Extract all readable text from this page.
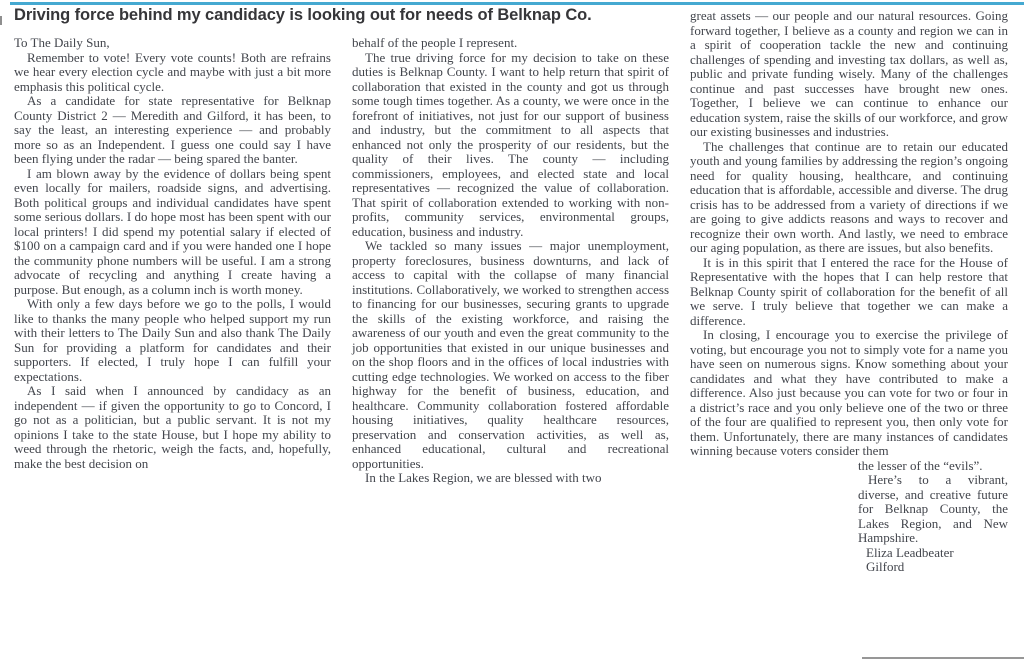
Driving force behind my candidacy is looking out for needs of Belknap Co.

To The Daily Sun,

Remember to vote! Every vote counts! Both are refrains we hear every election cycle and maybe with just a bit more emphasis this political cycle.

As a candidate for state representative for Belknap County District 2 — Meredith and Gilford, it has been, to say the least, an interesting experience — and probably more so as an Independent. I guess one could say I have been flying under the radar — being spared the banter.

I am blown away by the evidence of dollars being spent even locally for mailers, roadside signs, and advertising. Both political groups and individual candidates have spent some serious dollars. I do hope most has been spent with our local printers! I did spend my potential salary if elected of $100 on a campaign card and if you were handed one I hope the community phone numbers will be useful. I am a strong advocate of recycling and anything I create having a purpose. But enough, as a column inch is worth money.

With only a few days before we go to the polls, I would like to thanks the many people who helped support my run with their letters to The Daily Sun and also thank The Daily Sun for providing a platform for candidates and their supporters. If elected, I truly hope I can fulfill your expectations.

As I said when I announced by candidacy as an independent — if given the opportunity to go to Concord, I go not as a politician, but a public servant. It is not my opinions I take to the state House, but I hope my ability to weed through the rhetoric, weigh the facts, and, hopefully, make the best decision on

behalf of the people I represent.

The true driving force for my decision to take on these duties is Belknap County. I want to help return that spirit of collaboration that existed in the county and got us through some tough times together. As a county, we were once in the forefront of initiatives, not just for our support of business and industry, but the commitment to all aspects that enhanced not only the prosperity of our residents, but the quality of their lives. The county — including commissioners, employees, and elected state and local representatives — recognized the value of collaboration. That spirit of collaboration extended to working with non-profits, community services, environmental groups, education, business and industry.

We tackled so many issues — major unemployment, property foreclosures, business downturns, and lack of access to capital with the collapse of many financial institutions. Collaboratively, we worked to strengthen access to financing for our businesses, securing grants to upgrade the skills of the existing workforce, and raising the awareness of our youth and even the great community to the job opportunities that existed in our unique businesses and on the shop floors and in the offices of local industries with cutting edge technologies. We worked on access to the fiber highway for the benefit of business, education, and healthcare. Community collaboration fostered affordable housing initiatives, quality healthcare resources, preservation and conservation activities, as well as, enhanced educational, cultural and recreational opportunities.

In the Lakes Region, we are blessed with two

great assets — our people and our natural resources. Going forward together, I believe as a county and region we can in a spirit of cooperation tackle the new and continuing challenges of spending and investing tax dollars, as well as, public and private funding wisely. Many of the challenges continue and past successes have brought new ones. Together, I believe we can continue to enhance our education system, raise the skills of our workforce, and grow our existing businesses and industries.

The challenges that continue are to retain our educated youth and young families by addressing the region’s ongoing need for quality housing, healthcare, and continuing education that is affordable, accessible and diverse. The drug crisis has to be addressed from a variety of directions if we are going to give addicts reasons and ways to recover and recognize their own worth. And lastly, we need to embrace our aging population, as there are issues, but also benefits.

It is in this spirit that I entered the race for the House of Representative with the hopes that I can help restore that Belknap County spirit of collaboration for the benefit of all we serve. I truly believe that together we can make a difference.

In closing, I encourage you to exercise the privilege of voting, but encourage you not to simply vote for a name you have seen on numerous signs. Know something about your candidates and what they have contributed to make a difference. Also just because you can vote for two or four in a district’s race and you only believe one of the two or three of the four are qualified to represent you, then only vote for them. Unfortunately, there are many instances of candidates winning because voters consider them

the lesser of the “evils”.

Here’s to a vibrant, diverse, and creative future for Belknap County, the Lakes Region, and New Hampshire.

Eliza Leadbeater

Gilford
